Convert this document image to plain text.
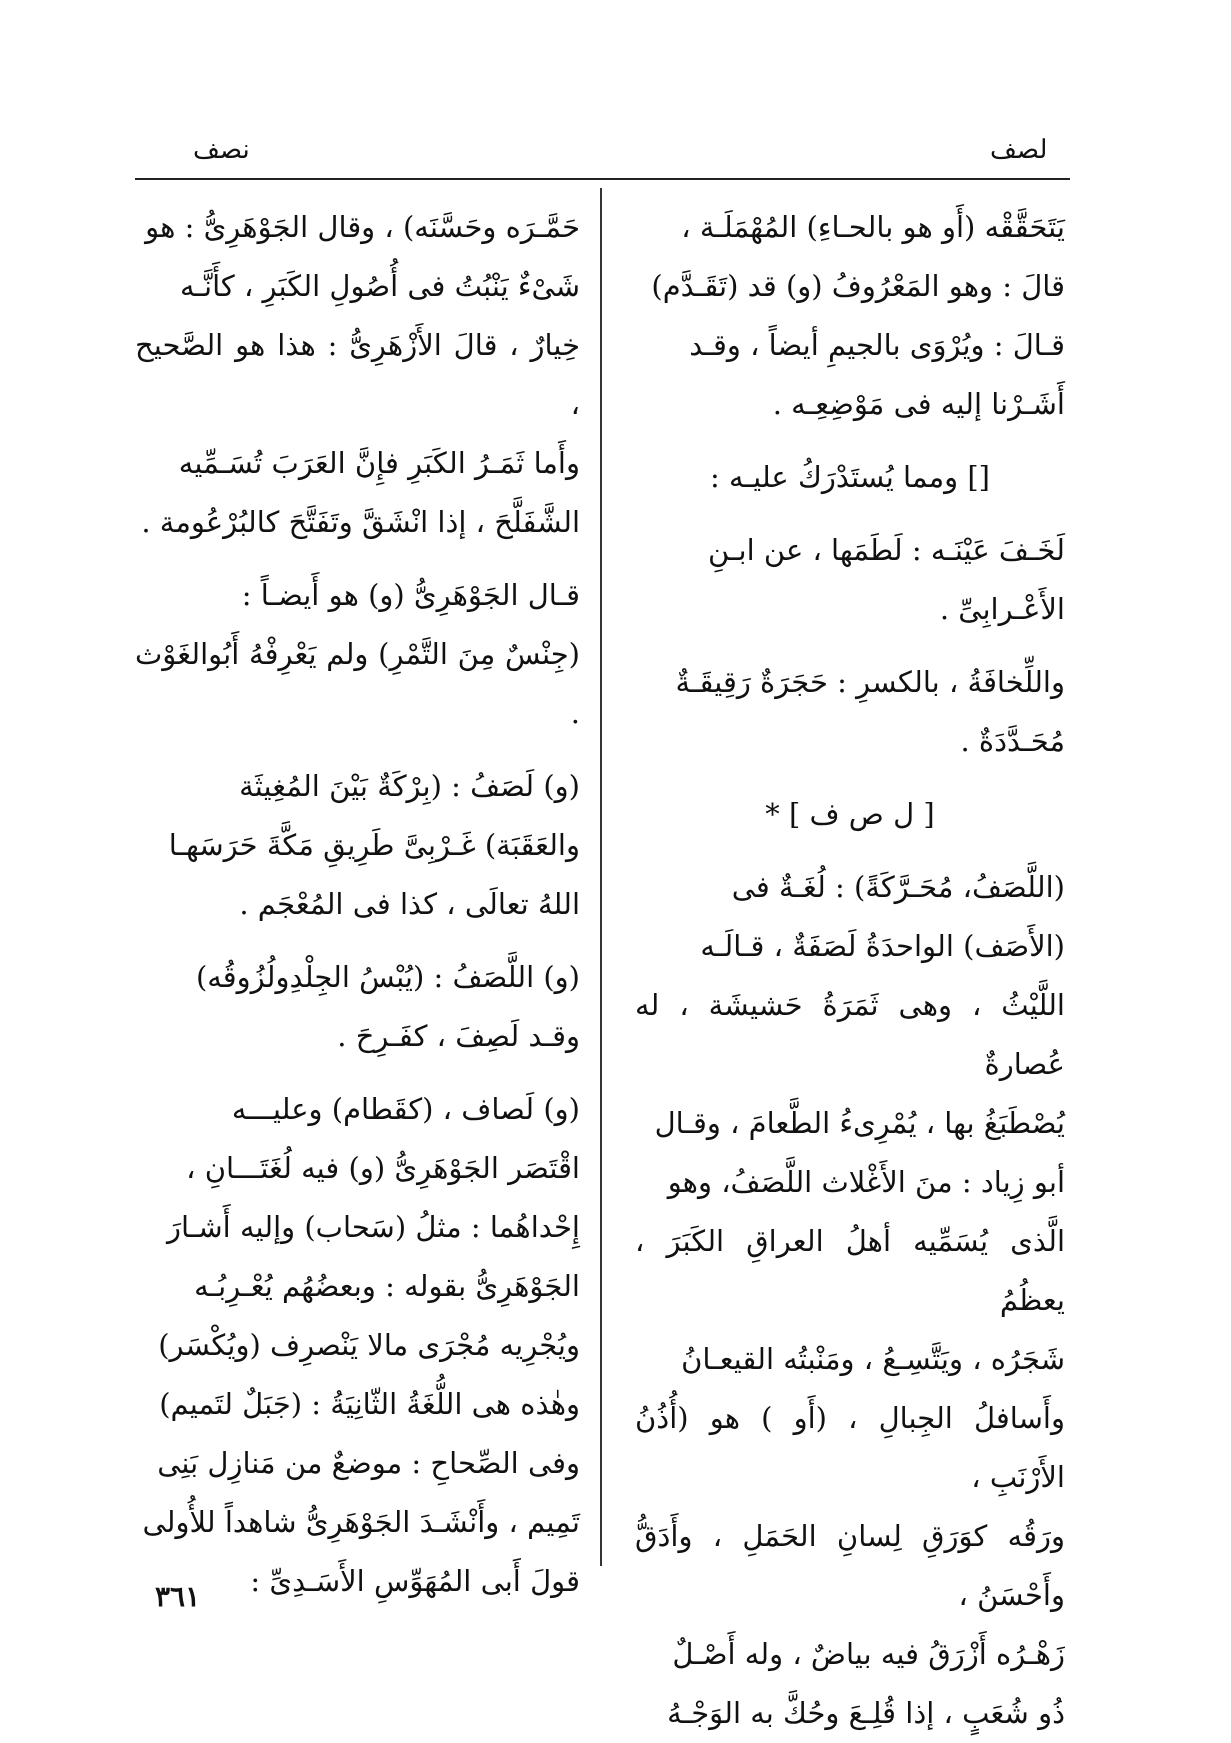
لصف
نصف

يَتَحَقَّقْه (أَو هو بالحـاءِ) المُهْمَلَـة ،

قالَ : وهو المَعْرُوفُ (و) قد (تَقَـدَّم)

قـالَ : ويُرْوَى بالجيمِ أيضاً ، وقـد

أَشَـرْنا إليه فى مَوْضِعِـه .

[] ومما يُستَدْرَكُ عليـه :

لَخَـفَ عَيْنَـه : لَطَمَها ، عن ابـنِ

الأَعْـرابِىِّ .

واللِّخافَةُ ، بالكسرِ : حَجَرَةٌ رَقِيقَـةٌ

مُحَـدَّدَةٌ .

[ ل ص ف ] *

(اللَّصَفُ، مُحَـرَّكَةً) : لُغَـةٌ فى

(الأَصَف) الواحدَةُ لَصَفَةٌ ، قـالَـه

اللَّيْثُ ، وهى ثَمَرَةُ حَشيشَة ، له عُصارةٌ

يُصْطَبَغُ بها ، يُمْرِىءُ الطَّعامَ ، وقـال

أبو زِياد : منَ الأَغْلاث اللَّصَفُ، وهو

الَّذى يُسَمِّيه أهلُ العراقِ الكَبَرَ ، يعظُمُ

شَجَرُه ، ويَتَّسِـعُ ، ومَنْبتُه القيعـانُ

وأَسافلُ الجِبالِ ، (أَو ) هو (أُذُنُ الأَرْنَبِ ،

ورَقُه كوَرَقِ لِسانِ الحَمَلِ ، وأَدَقُّ وأَحْسَنُ ،

زَهْـرُه أَزْرَقُ فيه بياضٌ ، وله أَصْـلٌ

ذُو شُعَبٍ ، إذا قُلِـعَ وحُكَّ به الوَجْـهُ

حَمَّـرَه وحَسَّنَه) ، وقال الجَوْهَرِىُّ : هو

شَىْءٌ يَنْبُتُ فى أُصُولِ الكَبَرِ ، كأَنَّـه

خِيارٌ ، قالَ الأَزْهَرِىُّ : هذا هو الصَّحيح ،

وأَما ثَمَـرُ الكَبَرِ فإِنَّ العَرَبَ تُسَـمِّيه

الشَّفَلَّحَ ، إذا انْشَقَّ وتَفَتَّحَ كالبُرْعُومة .

قـال الجَوْهَرِىُّ (و) هو أَيضـاً :

(جِنْسٌ مِنَ التَّمْرِ) ولم يَعْرِفْهُ أَبُوالغَوْث .

(و) لَصَفُ : (بِرْكَةٌ بَيْنَ المُغِيثَة

والعَقَبَة) غَـرْبِىَّ طَرِيقِ مَكَّةَ حَرَسَهـا

اللهُ تعالَى ، كذا فى المُعْجَم .

(و) اللَّصَفُ : (يُبْسُ الجِلْدِولُزُوقُه)

وقـد لَصِفَ ، كفَـرِحَ .

(و) لَصاف ، (كقَطام) وعليـــه

اقْتَصَر الجَوْهَرِىُّ (و) فيه لُغَتَـــانِ ،

إِحْداهُما : مثلُ (سَحاب) وإليه أَشـارَ

الجَوْهَرِىُّ بقوله : وبعضُهُم يُعْـرِبُـه

ويُجْرِيه مُجْرَى مالا يَنْصرِف (ويُكْسَر)

وهٰذه هى اللُّغَةُ الثّانِيَةُ : (جَبَلٌ لتَميم)

وفى الصِّحاحِ : موضعٌ من مَنازِل بَنِى

تَمِيم ، وأَنْشَـدَ الجَوْهَرِىُّ شاهداً للأُولى

قولَ أَبى المُهَوِّسِ الأَسَـدِىِّ :

٣٦١
